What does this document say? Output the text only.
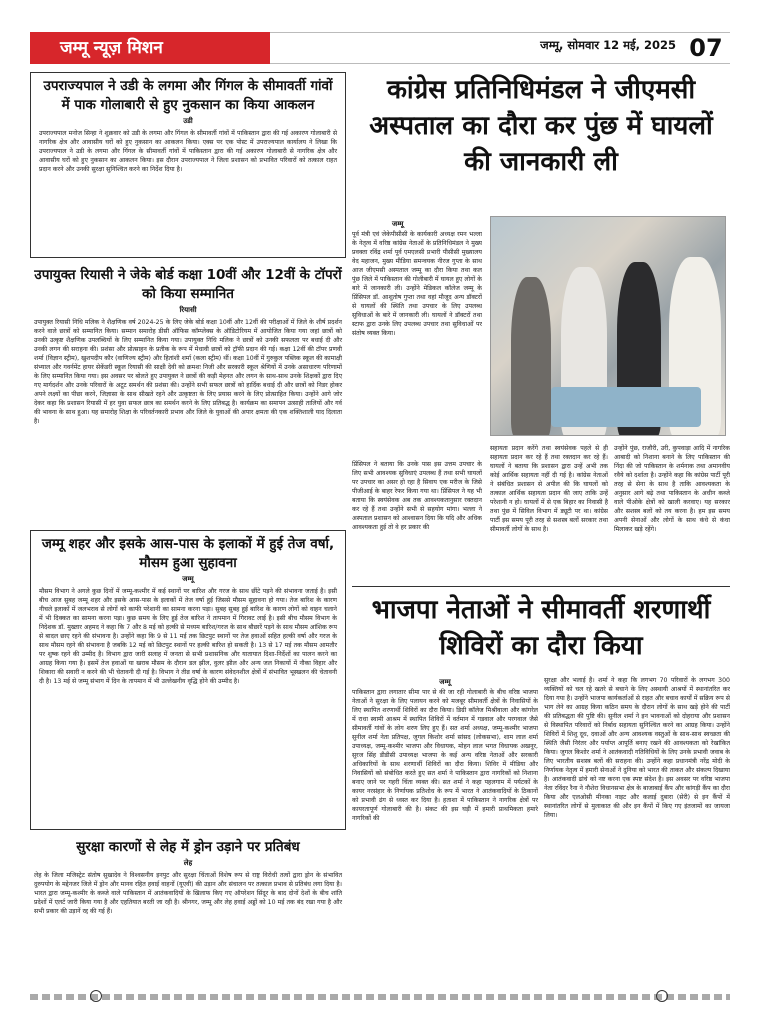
जम्मू न्यूज़ मिशन	जम्मू, सोमवार 12 मई, 2025 07
उपराज्यपाल ने उडी के लगमा और गिंगल के सीमावर्ती गांवों में पाक गोलाबारी से हुए नुकसान का किया आकलन
उडी
उपराज्यपाल मनोज सिन्हा ने शुक्रवार को उडी के लगमा और गिंगल के सीमावर्ती गांवों में पाकिस्तान द्वारा की गई अकारण गोलाबारी से नागरिक क्षेत्र और आवासीय घरों को हुए नुकसान का आकलन किया। एक्स पर एक पोस्ट में उपराज्यपाल कार्यालय ने लिखा कि उपराज्यपाल ने उडी के लगमा और गिंगल के सीमावर्ती गांवों में पाकिस्तान द्वारा की गई अकारण गोलाबारी से नागरिक क्षेत्र और आवासीय घरों को हुए नुकसान का आकलन किया। इस दौरान उपराज्यपाल ने जिला प्रशासन को प्रभावित परिवारों को तत्काल राहत प्रदान करने और उनकी सुरक्षा सुनिश्चित करने का निर्देश दिया है।
उपायुक्त रियासी ने जेके बोर्ड कक्षा 10वीं और 12वीं के टॉपरों को किया सम्मानित
रियासी
उपायुक्त रियासी निधि मलिक ने शैक्षणिक वर्ष 2024-25 के लिए जेके बोर्ड कक्षा 10वीं और 12वीं की परीक्षाओं में जिले के शीर्ष प्रदर्शन करने वाले छात्रों को सम्मानित किया। सम्मान समारोह डीसी ऑफिस कॉम्प्लेक्स के ऑडिटोरियम में आयोजित किया गया जहां छात्रों को उनकी उत्कृष्ट शैक्षणिक उपलब्धियों के लिए सम्मानित किया गया। उपायुक्त निधि मलिक ने छात्रों को उनकी सफलता पर बधाई दी और उनकी लगन की सराहना की। प्रशंसा और प्रोत्साहन के प्रतीक के रूप में मेधावी छात्रों को ट्रॉफी प्रदान की गई। कक्षा 12वीं की टॉपर प्रणवी शर्मा (विज्ञान स्ट्रीम), खुशपदीप कौर (वाणिज्य स्ट्रीम) और हितांशी शर्मा (कला स्ट्रीम) थीं। कक्षा 10वीं में गुरुकुल पब्लिक स्कूल की कामाक्षी संभ्याल और गवर्नमेंट हायर सेकेंडरी स्कूल रियासी की साक्षी देवी को क्रमशः निजी और सरकारी स्कूल श्रेणियों में उनके असाधारण परिणामों के लिए सम्मानित किया गया। इस अवसर पर बोलते हुए उपायुक्त ने छात्रों की कड़ी मेहनत और लगन के साथ-साथ उनके शिक्षकों द्वारा दिए गए मार्गदर्शन और उनके परिवारों के अटूट समर्थन की प्रशंसा की। उन्होंने सभी सफल छात्रों को हार्दिक बधाई दी और छात्रों को निडर होकर अपने लक्ष्यों का पीछा करने, जिज्ञासा के साथ सीखते रहने और उत्कृष्टता के लिए प्रयास करने के लिए प्रोत्साहित किया। उन्होंने आगे जोर देकर कहा कि प्रशासन रियासी में हर युवा सफल छात्र का समर्थन करने के लिए प्रतिबद्ध है। कार्यक्रम का समापन उत्साही तालियों और गर्व की भावना के साथ हुआ। यह समारोह शिक्षा के परिवर्तनकारी प्रभाव और जिले के युवाओं की अपार क्षमता की एक शक्तिशाली याद दिलाता है।
जम्मू शहर और इसके आस-पास के इलाकों में हुई तेज वर्षा, मौसम हुआ सुहावना
जम्मू
मौसम विभाग ने अगले कुछ दिनों में जम्मू-कश्मीर में कई स्थानों पर बारिश और गरज के साथ छींटे पड़ने की संभावना जताई है। इसी बीच आज सुबह जम्मू शहर और इसके आस-पास के इलाकों में तेज वर्षा हुई जिससे मौसम सुहावना हो गया। तेज बारिश के कारण नीचले इलाकों में जलभराव से लोगों को काफी परेशानी का सामना करना पड़ा। सुबह सुबह हुई बारिश के कारण लोगों को वाहन चलाने में भी दिक्कत का सामना करना पड़ा। कुछ समय के लिए हुई तेज बारिश ने तापमान में गिरावट लाई है। इसी बीच मौसम विभाग के निदेशक डॉ. मुख्तार अहमद ने कहा कि 7 और 8 मई को हल्की से मध्यम बारिश/गरज के साथ बौछारें पड़ने के साथ मौसम आंशिक रूप से बादल छाए रहने की संभावना है। उन्होंने कहा कि 9 से 11 मई तक छिटपुट स्थानों पर तेज हवाओं सहित हल्की वर्षा और गरज के साथ मौसम रहने की संभावना है जबकि 12 मई को छिटपुट स्थानों पर हल्की बारिश हो सकती है। 13 से 17 मई तक मौसम आमतौर पर शुष्क रहने की उम्मीद है। विभाग द्वारा जारी सलाह में जनता से सभी प्रशासनिक और यातायात दिशा-निर्देशों का पालन करने का आग्रह किया गया है। इसमें तेज हवाओं या खराब मौसम के दौरान डल झील, वुलर झील और अन्य जल निकायों में नौका विहार और शिकारा की सवारी न करने की भी चेतावनी दी गई है। विभाग ने तीव्र वर्षा के कारण संवेदनशील क्षेत्रों में संभावित भूस्खलन की चेतावनी दी है। 13 मई से जम्मू संभाग में दिन के तापमान में भी उल्लेखनीय वृद्धि होने की उम्मीद है।
सुरक्षा कारणों से लेह में ड्रोन उड़ाने पर प्रतिबंध
लेह
लेह के जिला मजिस्ट्रेट संतोष सुखादेव ने विश्वसनीय इनपुट और सुरक्षा चिंताओं विशेष रूप से राष्ट्र विरोधी तत्वों द्वारा ड्रोन के संभावित दुरुपयोग के मद्देनजर जिले में ड्रोन और मानव रहित हवाई वाहनों (यूएवी) की उड़ान और संचालन पर तत्काल प्रभाव से प्रतिबंध लगा दिया है। भारत द्वारा जम्मू-कश्मीर के कब्जे वाले पाकिस्तान में आतंकवादियों के खिलाफ किए गए ऑपरेशन सिंदूर के बाद दोनों देशों के बीच शांति प्रदेशों में एलर्ट जारी किया गया है और एहतियात बरती जा रही है। श्रीनगर, जम्मू और लेह हवाई अड्डों को 10 मई तक बंद रखा गया है और सभी प्रकार की उड़ानें रद्द की गई हैं।
कांग्रेस प्रतिनिधिमंडल ने जीएमसी अस्पताल का दौरा कर पुंछ में घायलों की जानकारी ली
जम्मू
पूर्व मंत्री एवं जेकेपीसीसी के कार्यकारी अध्यक्ष रमन भल्ला के नेतृत्व में वरिष्ठ कांग्रेस नेताओं के प्रतिनिधिमंडल ने मुख्य प्रवक्ता रविंद्र शर्मा पूर्व एमएलसी प्रभारी पीसीसी मुख्यालय वेद महाजन, मुख्य मीडिया समन्वयक नीरज गुप्ता के साथ आज जीएमसी अस्पताल जम्मू का दौरा किया तथा कल पुंछ जिले में पाकिस्तान की गोलीबारी में घायल हुए लोगों के बारे में जानकारी ली। उन्होंने मेडिकल कॉलेज जम्मू के प्रिंसिपल डॉ. आशुतोष गुप्ता तथा वहां मौजूद अन्य डॉक्टरों से घायलों की स्थिति तथा उपचार के लिए उपलब्ध सुविधाओं के बारे में जानकारी ली। घायलों ने डॉक्टरों तथा स्टाफ द्वारा उनके लिए उपलब्ध उपचार तथा सुविधाओं पर संतोष व्यक्त किया।
प्रिंसिपल ने बताया कि उनके पास इस उत्तम उपचार के लिए सभी आवश्यक सुविधाएं उपलब्ध हैं तथा सभी घायलों पर उपचार का असर हो रहा है सिवाय एक मरीज के जिसे पीजीआई के बाहर रेफर किया गया था। प्रिंसिपल ने यह भी बताया कि स्वयंसेवक अब तक आवश्यकतानुसार रक्तदान कर रहे हैं तथा उन्होंने सभी से सहयोग मांगा। भल्ला ने अस्पताल प्रशासन को आश्वासन दिया कि यदि और अधिक आवश्यकता हुई तो वे हर प्रकार की
सहायता प्रदान करेंगे तथा स्वयंसेवक पहले से ही सहायता प्रदान कर रहे हैं तथा रक्तदान कर रहे हैं। घायलों ने बताया कि प्रशासन द्वारा उन्हें अभी तक कोई आर्थिक सहायता नहीं दी गई है। कांग्रेस नेताओं ने संबंधित प्रशासन से अपील की कि घायलों को तत्काल आर्थिक सहायता प्रदान की जाए ताकि उन्हें परेशानी न हो। घायलों में से एक बिहार का निवासी है तथा पुंछ में सिविल विभाग में ड्यूटी पर था। कांग्रेस पार्टी इस समय पूरी तरह से सशस्त्र बलों सरकार तथा सीमावर्ती लोगों के साथ है।
उन्होंने पुंछ, राजौरी, उरी, कुपवाड़ा आदि में नागरिक आबादी को निशाना बनाने के लिए पाकिस्तान की निंदा की जो पाकिस्तान के शर्मनाक तथा अमानवीय रवैये को दर्शाता है। उन्होंने कहा कि कांग्रेस पार्टी पूरी तरह से सेना के साथ है ताकि आवश्यकता के अनुसार आगे बढ़े तथा पाकिस्तान के अधीन कब्जे वाले पीओके क्षेत्रों को खाली करवाए। यह सरकार और सशस्त्र बलों को तय करना है। हम इस समय अपनी सेनाओं और लोगों के साथ कंधे से कंधा मिलाकर खड़े रहेंगे।
भाजपा नेताओं ने सीमावर्ती शरणार्थी शिविरों का दौरा किया
जम्मू
पाकिस्तान द्वारा लगातार सीमा पार से की जा रही गोलाबारी के बीच वरिष्ठ भाजपा नेताओं ने सुरक्षा के लिए पलायन करने को मजबूर सीमावर्ती क्षेत्रों के निवासियों के लिए स्थापित शरणार्थी शिविरों का दौरा किया। डिग्री कॉलेज मिश्रीवाला और कांगरेल में राधा स्वामी आश्रम में स्थापित शिविरों में वर्तमान में गडवाल और परगवाल जैसे सीमावर्ती गांवों के लोग शरण लिए हुए हैं। सत शर्मा अध्यक्ष, जम्मू-कश्मीर भाजपा सुनील शर्मा नेता प्रतिपक्ष, जुगल किशोर शर्मा सांसद (लोकसभा), शाम लाल शर्मा उपाध्यक्ष, जम्मू-कश्मीर भाजपा और विधायक, मोहन लाल भगत विधायक अखनूर, सुरज सिंह डीडीसी उपाध्यक्ष भाजपा के कई अन्य वरिष्ठ नेताओं और सरकारी अधिकारियों के साथ शरणार्थी शिविरों का दौरा किया। शिविर में मीडिया और निवासियों को संबोधित करते हुए सत शर्मा ने पाकिस्तान द्वारा नागरिकों को निशाना बनाए जाने पर गहरी चिंता व्यक्त की। सत शर्मा ने कहा पहलगाम में पर्यटकों के कायर नरसंहार के निर्णायक प्रतिशोध के रूप में भारत ने आतंकवादियों के ठिकानों को प्रभावी ढंग से ध्वस्त कर दिया है। हताशा में पाकिस्तान ने नागरिक क्षेत्रों पर कायरतापूर्ण गोलाबारी की है। संकट की इस घड़ी में हमारी प्राथमिकता हमारे नागरिकों की
सुरक्षा और भलाई है। शर्मा ने कहा कि लगभग 70 परिवारों के लगभग 300 व्यक्तियों को चल रहे खतरे से बचाने के लिए अस्थायी आश्रयों में स्थानांतरित कर दिया गया है। उन्होंने भाजपा कार्यकर्ताओं से राहत और बचाव कार्यों में सक्रिय रूप से भाग लेने का आग्रह किया कठिन समय के दौरान लोगों के साथ खड़े होने की पार्टी की प्रतिबद्धता की पुष्टि की। सुनील शर्मा ने इन भावनाओं को दोहराया और प्रशासन से विस्थापित परिवारों को निर्बाध सहायता सुनिश्चित करने का आग्रह किया। उन्होंने शिविरों में शिशु दूध, दवाओं और अन्य आवश्यक वस्तुओं के साथ-साथ स्वच्छता की स्थिति जैसी निरंतर और पर्याप्त आपूर्ति बनाए रखने की आवश्यकता को रेखांकित किया। जुगल किशोर शर्मा ने आतंकवादी गतिविधियों के लिए उनके प्रभावी जवाब के लिए भारतीय सशस्त्र बलों की सराहना की। उन्होंने कहा प्रधानमंत्री नरेंद्र मोदी के निर्णायक नेतृत्व में हमारी सेनाओं ने दुनिया को भारत की ताकत और संकल्प दिखाया है। आतंकवादी ढांचे को नष्ट करना एक स्पष्ट संदेश है। इस अवसर पर वरिष्ठ भाजपा नेता रविंदर रैना ने नौशेरा विधानसभा क्षेत्र के बाजाबाई कैंप और कांगड़ी कैंप का दौरा किया और एलओसी मीनका नाइट और कलाई दुबारा (सेरी) से इन कैंपों में स्थानांतरित लोगों से मुलाकात की और इन कैंपों में किए गए इंतजामों का जायजा लिया।
